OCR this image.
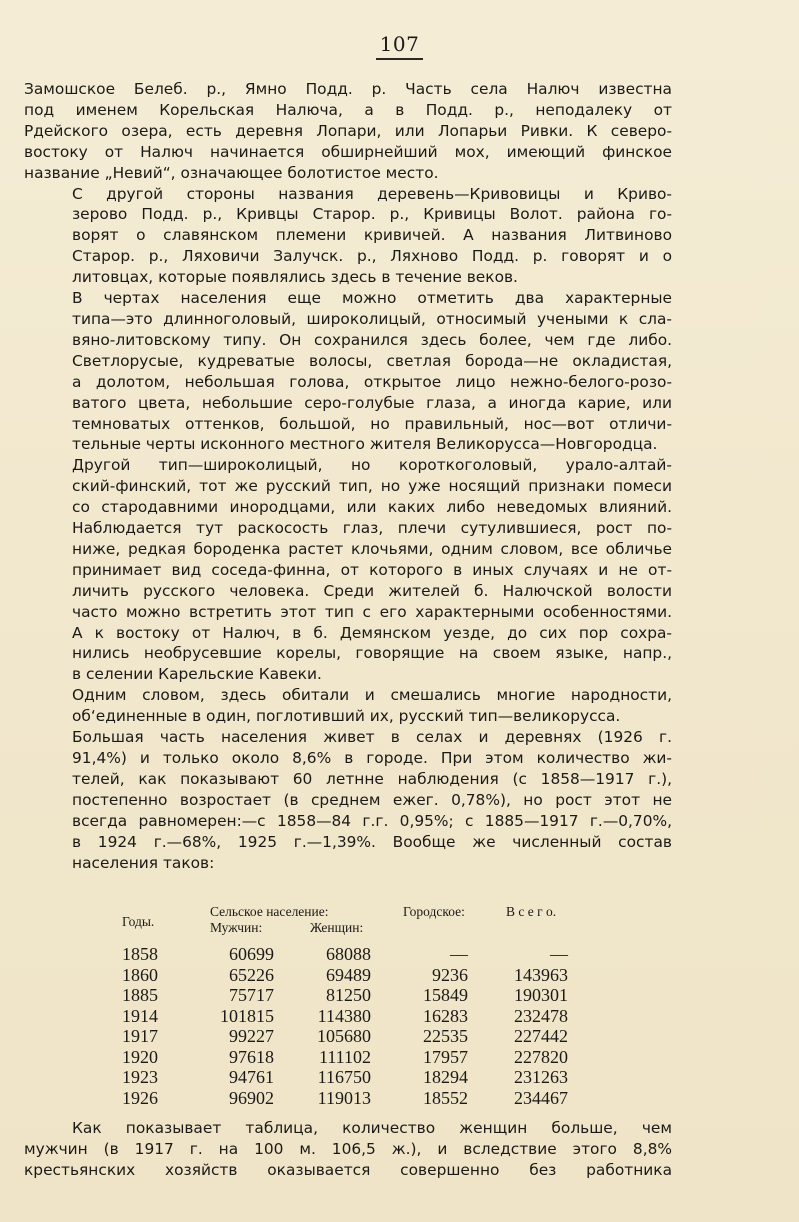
107

Замошское Белеб. р., Ямно Подд. р. Часть села Налюч известна
под именем Корельская Налюча, а в Подд. р., неподалеку от
Рдейского озера, есть деревня Лопари, или Лопарьи Ривки. К северо-
востоку от Налюч начинается обширнейший мох, имеющий финское
название „Невий“, означающее болотистое место.

С другой стороны названия деревень—Кривовицы и Криво-
зерово Подд. р., Кривцы Старор. р., Кривицы Волот. района го-
ворят о славянском племени кривичей. А названия Литвиново
Старор. р., Ляховичи Залучск. р., Ляхново Подд. р. говорят и о
литовцах, которые появлялись здесь в течение веков.

В чертах населения еще можно отметить два характерные
типа—это длинноголовый, широколицый, относимый учеными к сла-
вяно-литовскому типу. Он сохранился здесь более, чем где либо.
Светлорусые, кудреватые волосы, светлая борода—не окладистая,
а долотом, небольшая голова, открытое лицо нежно-белого-розо-
ватого цвета, небольшие серо-голубые глаза, а иногда карие, или
темноватых оттенков, большой, но правильный, нос—вот отличи-
тельные черты исконного местного жителя Великорусса—Новгородца.

Другой тип—широколицый, но короткоголовый, урало-алтай-
ский-финский, тот же русский тип, но уже носящий признаки помеси
со стародавними инородцами, или каких либо неведомых влияний.
Наблюдается тут раскосость глаз, плечи сутулившиеся, рост по-
ниже, редкая бороденка растет клочьями, одним словом, все обличье
принимает вид соседа-финна, от которого в иных случаях и не от-
личить русского человека. Среди жителей б. Налючской волости
часто можно встретить этот тип с его характерными особенностями.
А к востоку от Налюч, в б. Демянском уезде, до сих пор сохра-
нились необрусевшие корелы, говорящие на своем языке, напр.,
в селении Карельские Кавеки.

Одним словом, здесь обитали и смешались многие народности,
об‘единенные в один, поглотивший их, русский тип—великорусса.

Большая часть населения живет в селах и деревнях (1926 г.
91,4%) и только около 8,6% в городе. При этом количество жи-
телей, как показывают 60 летнне наблюдения (с 1858—1917 г.),
постепенно возростает (в среднем ежег. 0,78%), но рост этот не
всегда равномерен:—с 1858—84 г.г. 0,95%; с 1885—1917 г.—0,70%,
в 1924 г.—68%, 1925 г.—1,39%. Вообще же численный состав
населения таков:

Годы.
Сельское население:
Мужчин:	Женщин:
Городское:	В с е г о.
1858	60699	68088	—	—
1860	65226	69489	9236	143963
1885	75717	81250	15849	190301
1914	101815	114380	16283	232478
1917	99227	105680	22535	227442
1920	97618	111102	17957	227820
1923	94761	116750	18294	231263
1926	96902	119013	18552	234467
Как показывает таблица, количество женщин больше, чем
мужчин (в 1917 г. на 100 м. 106,5 ж.), и вследствие этого 8,8%
крестьянских хозяйств оказывается совершенно без работника
